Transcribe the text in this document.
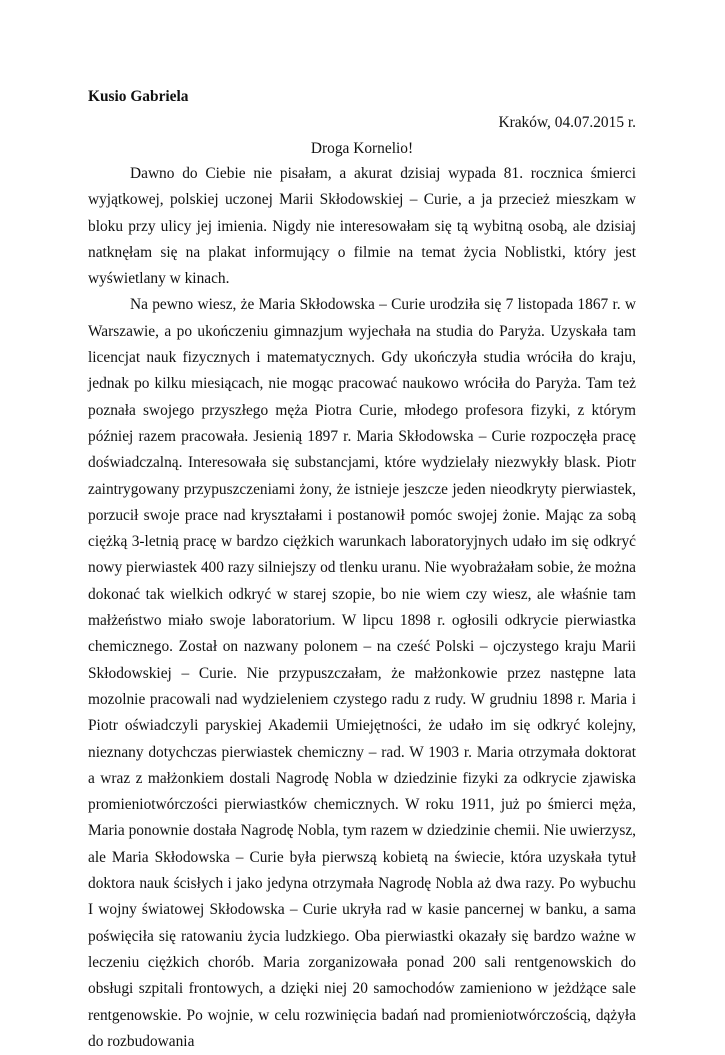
Kusio Gabriela

Kraków, 04.07.2015 r.

Droga Kornelio!

Dawno do Ciebie nie pisałam, a akurat dzisiaj wypada 81. rocznica śmierci wyjątkowej, polskiej uczonej Marii Skłodowskiej – Curie, a ja przecież mieszkam w bloku przy ulicy jej imienia. Nigdy nie interesowałam się tą wybitną osobą, ale dzisiaj natknęłam się na plakat informujący o filmie na temat życia Noblistki, który jest wyświetlany w kinach.

Na pewno wiesz, że Maria Skłodowska – Curie urodziła się 7 listopada 1867 r. w Warszawie, a po ukończeniu gimnazjum wyjechała na studia do Paryża. Uzyskała tam licencjat nauk fizycznych i matematycznych. Gdy ukończyła studia wróciła do kraju, jednak po kilku miesiącach, nie mogąc pracować naukowo wróciła do Paryża. Tam też poznała swojego przyszłego męża Piotra Curie, młodego profesora fizyki, z którym później razem pracowała. Jesienią 1897 r. Maria Skłodowska – Curie rozpoczęła pracę doświadczalną. Interesowała się substancjami, które wydzielały niezwykły blask. Piotr zaintrygowany przypuszczeniami żony, że istnieje jeszcze jeden nieodkryty pierwiastek, porzucił swoje prace nad kryształami i postanowił pomóc swojej żonie. Mając za sobą ciężką 3-letnią pracę w bardzo ciężkich warunkach laboratoryjnych udało im się odkryć nowy pierwiastek 400 razy silniejszy od tlenku uranu. Nie wyobrażałam sobie, że można dokonać tak wielkich odkryć w starej szopie, bo nie wiem czy wiesz, ale właśnie tam małżeństwo miało swoje laboratorium. W lipcu 1898 r. ogłosili odkrycie pierwiastka chemicznego. Został on nazwany polonem – na cześć Polski – ojczystego kraju Marii Skłodowskiej – Curie. Nie przypuszczałam, że małżonkowie przez następne lata mozolnie pracowali nad wydzieleniem czystego radu z rudy. W grudniu 1898 r. Maria i Piotr oświadczyli paryskiej Akademii Umiejętności, że udało im się odkryć kolejny, nieznany dotychczas pierwiastek chemiczny – rad. W 1903 r. Maria otrzymała doktorat a wraz z małżonkiem dostali Nagrodę Nobla w dziedzinie fizyki za odkrycie zjawiska promieniotwórczości pierwiastków chemicznych. W roku 1911, już po śmierci męża, Maria ponownie dostała Nagrodę Nobla, tym razem w dziedzinie chemii. Nie uwierzysz, ale Maria Skłodowska – Curie była pierwszą kobietą na świecie, która uzyskała tytuł doktora nauk ścisłych i jako jedyna otrzymała Nagrodę Nobla aż dwa razy. Po wybuchu I wojny światowej Skłodowska – Curie ukryła rad w kasie pancernej w banku, a sama poświęciła się ratowaniu życia ludzkiego. Oba pierwiastki okazały się bardzo ważne w leczeniu ciężkich chorób. Maria zorganizowała ponad 200 sali rentgenowskich do obsługi szpitali frontowych, a dzięki niej 20 samochodów zamieniono w jeżdżące sale rentgenowskie. Po wojnie, w celu rozwinięcia badań nad promieniotwórczością, dążyła do rozbudowania
